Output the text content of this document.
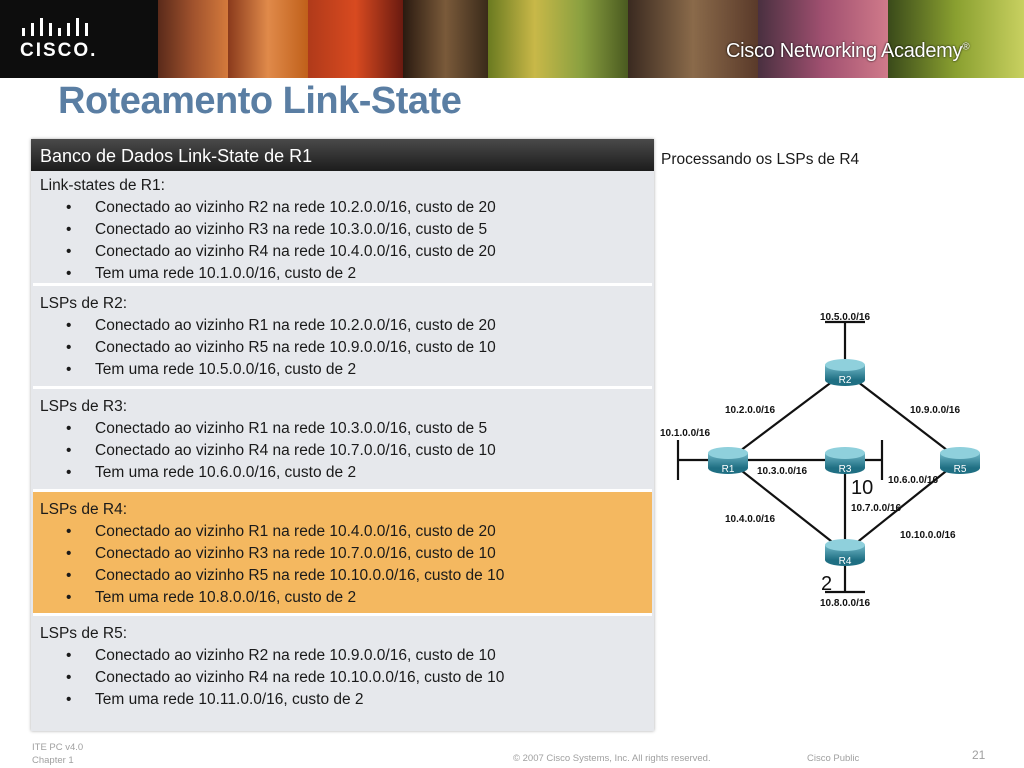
CISCO.	Cisco Networking Academy®
Roteamento Link-State
Banco de Dados Link-State de R1
Link-states de R1:
• Conectado ao vizinho R2 na rede 10.2.0.0/16, custo de 20
• Conectado ao vizinho R3 na rede 10.3.0.0/16, custo de 5
• Conectado ao vizinho R4 na rede 10.4.0.0/16, custo de 20
• Tem uma rede 10.1.0.0/16, custo de 2
LSPs de R2:
• Conectado ao vizinho R1 na rede 10.2.0.0/16, custo de 20
• Conectado ao vizinho R5 na rede 10.9.0.0/16, custo de 10
• Tem uma rede 10.5.0.0/16, custo de 2
LSPs de R3:
• Conectado ao vizinho R1 na rede 10.3.0.0/16, custo de 5
• Conectado ao vizinho R4 na rede 10.7.0.0/16, custo de 10
• Tem uma rede 10.6.0.0/16, custo de 2
LSPs de R4:
• Conectado ao vizinho R1 na rede 10.4.0.0/16, custo de 20
• Conectado ao vizinho R3 na rede 10.7.0.0/16, custo de 10
• Conectado ao vizinho R5 na rede 10.10.0.0/16, custo de 10
• Tem uma rede 10.8.0.0/16, custo de 2
LSPs de R5:
• Conectado ao vizinho R2 na rede 10.9.0.0/16, custo de 10
• Conectado ao vizinho R4 na rede 10.10.0.0/16, custo de 10
• Tem uma rede 10.11.0.0/16, custo de 2
Processando os LSPs de R4
R2
R1	R3	R5
R4
10.5.0.0/16
10.1.0.0/16
10.2.0.0/16	10.9.0.0/16
10.3.0.0/16
10.6.0.0/16
10.7.0.0/16
10.4.0.0/16
10.10.0.0/16
10.8.0.0/16
10
2
ITE PC v4.0
Chapter 1	© 2007 Cisco Systems, Inc. All rights reserved.	Cisco Public	21
